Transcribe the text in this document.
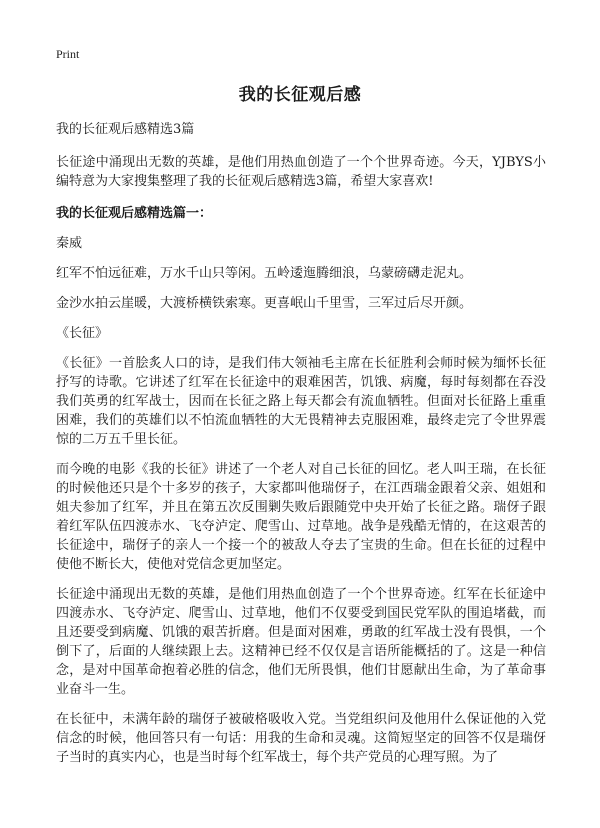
Print
我的长征观后感

我的长征观后感精选3篇

长征途中涌现出无数的英雄，是他们用热血创造了一个个世界奇迹。今天，YJBYS小编特意为大家搜集整理了我的长征观后感精选3篇，希望大家喜欢!

我的长征观后感精选篇一：

秦威

红军不怕远征难，万水千山只等闲。五岭逶迤腾细浪，乌蒙磅礴走泥丸。

金沙水拍云崖暖，大渡桥横铁索寒。更喜岷山千里雪，三军过后尽开颜。

《长征》

《长征》一首脍炙人口的诗，是我们伟大领袖毛主席在长征胜利会师时候为缅怀长征抒写的诗歌。它讲述了红军在长征途中的艰难困苦，饥饿、病魔，每时每刻都在吞没我们英勇的红军战士，因而在长征之路上每天都会有流血牺牲。但面对长征路上重重困难，我们的英雄们以不怕流血牺牲的大无畏精神去克服困难，最终走完了令世界震惊的二万五千里长征。

而今晚的电影《我的长征》讲述了一个老人对自己长征的回忆。老人叫王瑞，在长征的时候他还只是个十多岁的孩子，大家都叫他瑞伢子，在江西瑞金跟着父亲、姐姐和姐夫参加了红军，并且在第五次反围剿失败后跟随党中央开始了长征之路。瑞伢子跟着红军队伍四渡赤水、飞夺泸定、爬雪山、过草地。战争是残酷无情的，在这艰苦的长征途中，瑞伢子的亲人一个接一个的被敌人夺去了宝贵的生命。但在长征的过程中使他不断长大，使他对党信念更加坚定。

长征途中涌现出无数的英雄，是他们用热血创造了一个个世界奇迹。红军在长征途中四渡赤水、飞夺泸定、爬雪山、过草地，他们不仅要受到国民党军队的围追堵截，而且还要受到病魔、饥饿的艰苦折磨。但是面对困难，勇敢的红军战士没有畏惧，一个倒下了，后面的人继续跟上去。这精神已经不仅仅是言语所能概括的了。这是一种信念，是对中国革命抱着必胜的信念，他们无所畏惧，他们甘愿献出生命，为了革命事业奋斗一生。

在长征中，未满年龄的瑞伢子被破格吸收入党。当党组织问及他用什么保证他的入党信念的时候，他回答只有一句话：用我的生命和灵魂。这简短坚定的回答不仅是瑞伢子当时的真实内心，也是当时每个红军战士，每个共产党员的心理写照。为了
